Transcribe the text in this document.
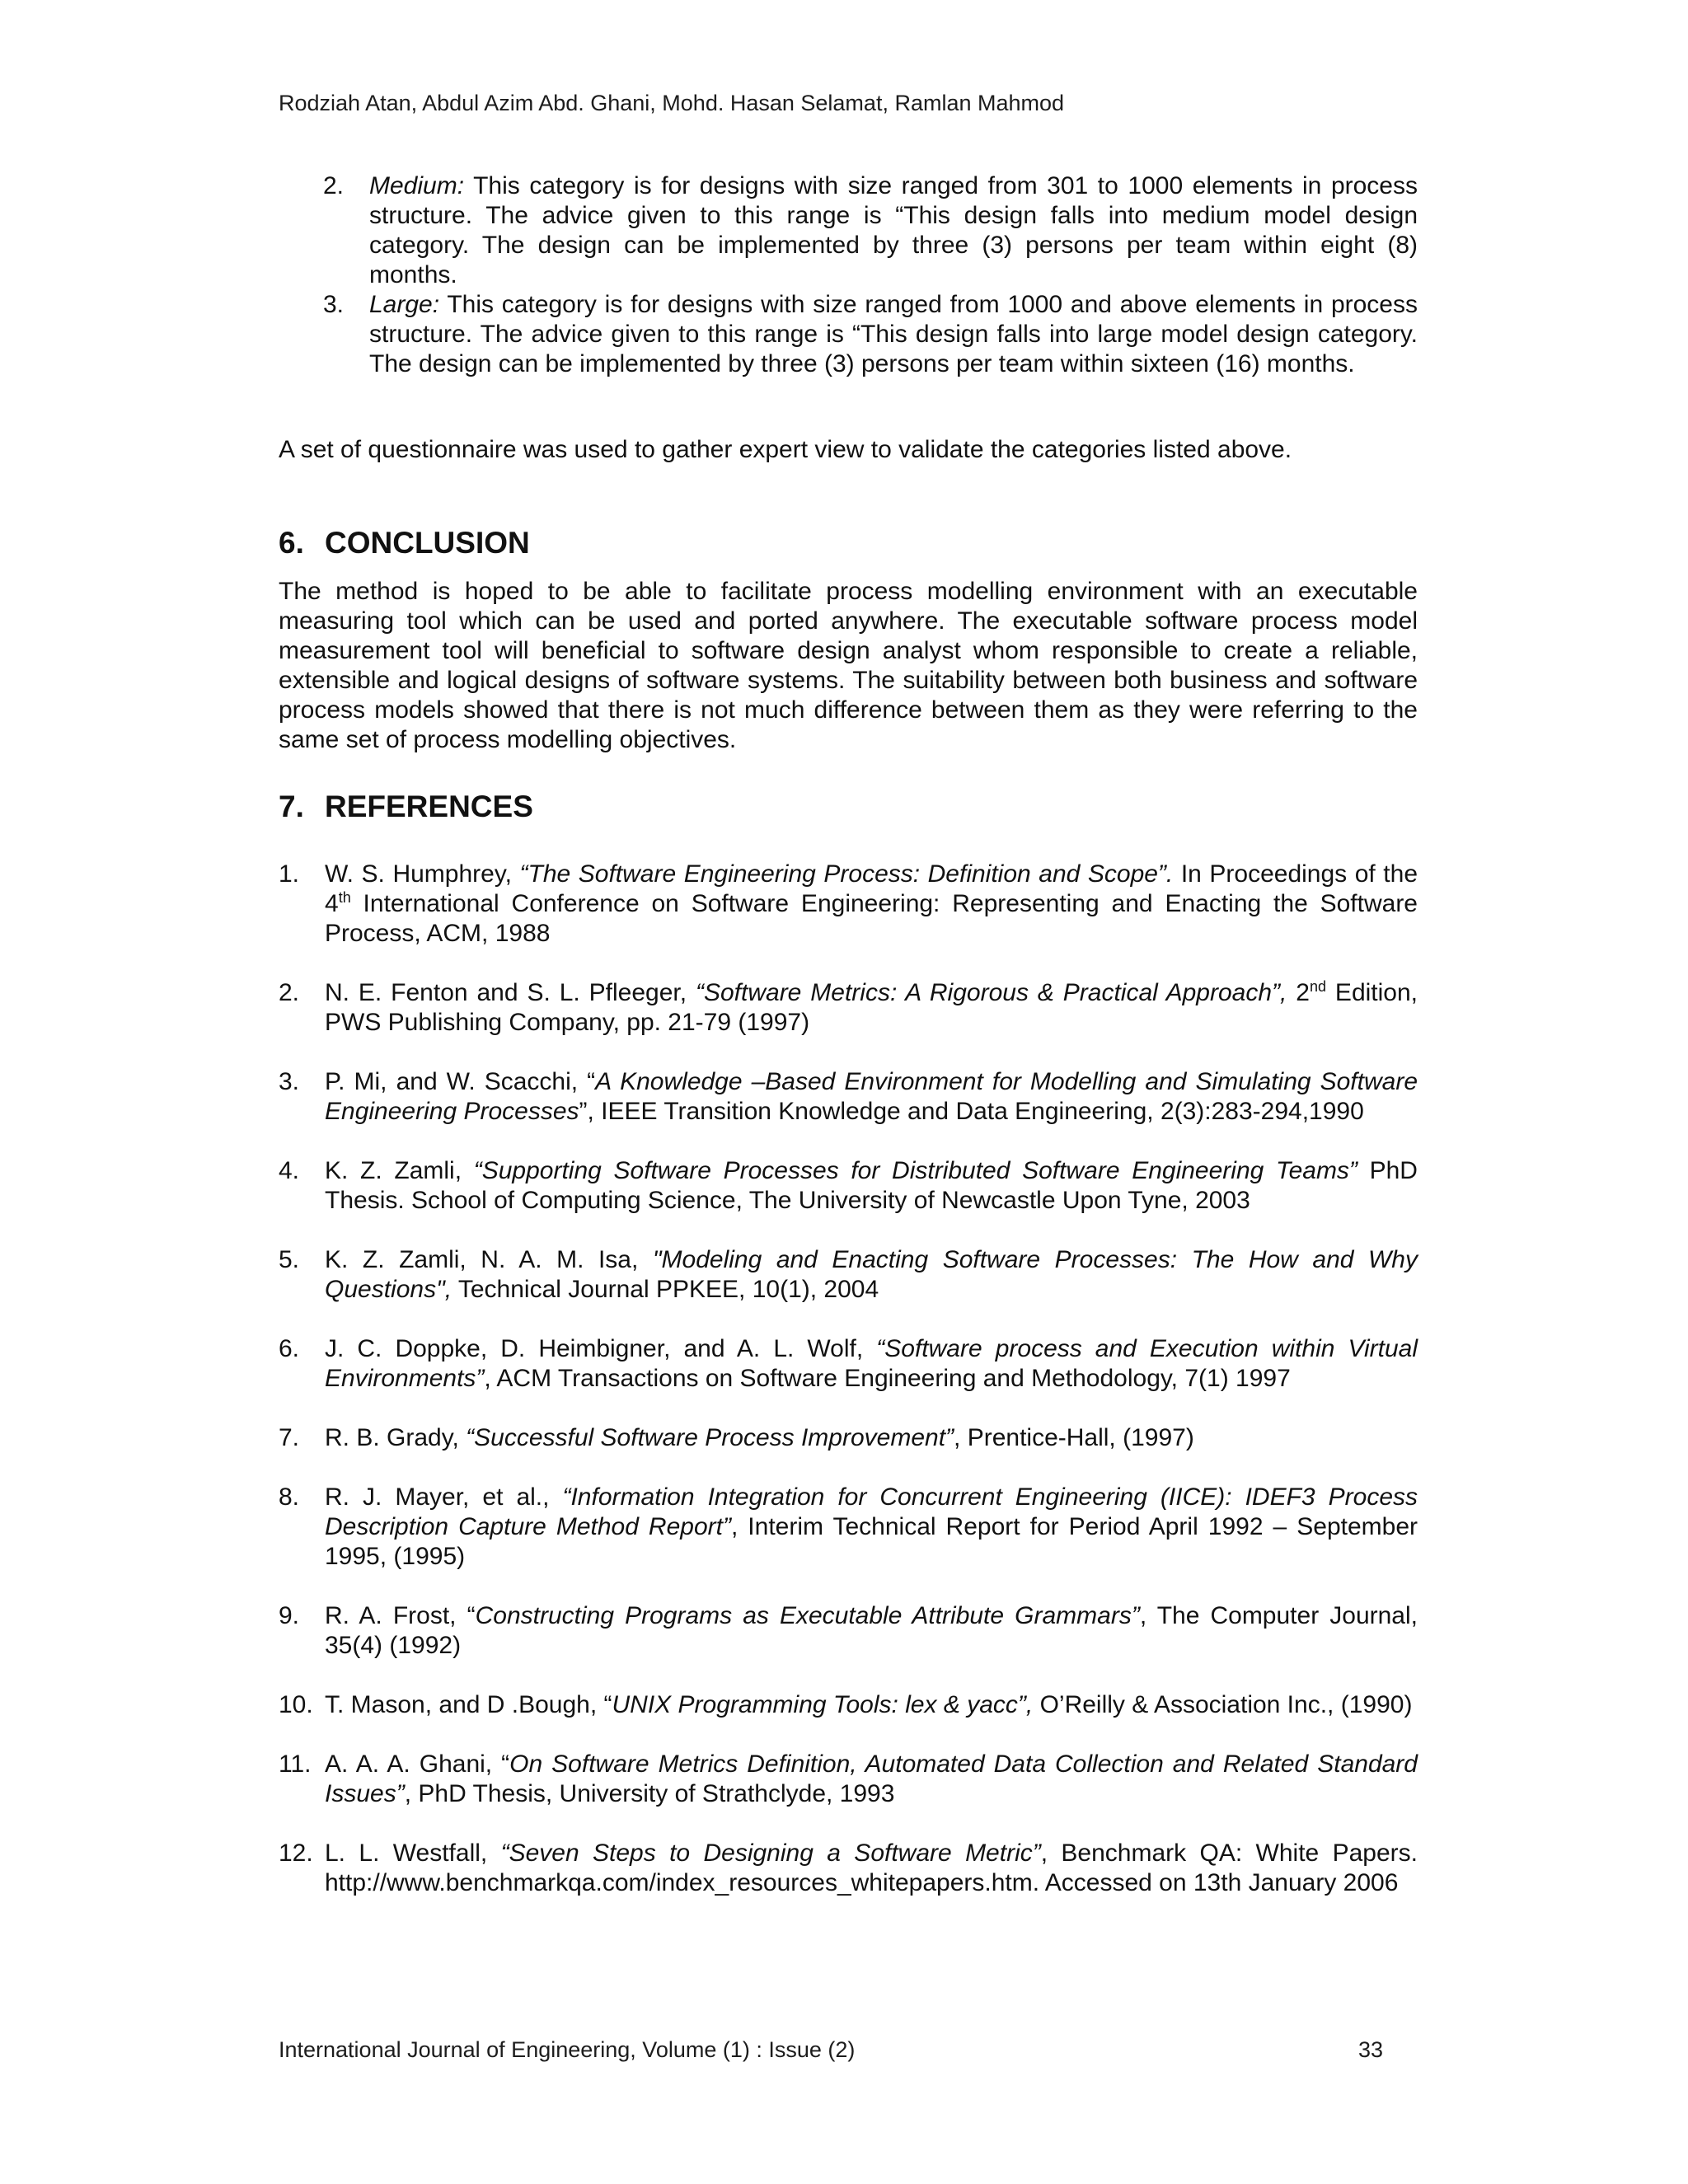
Rodziah Atan, Abdul Azim Abd. Ghani, Mohd. Hasan Selamat, Ramlan Mahmod
2. Medium: This category is for designs with size ranged from 301 to 1000 elements in process structure. The advice given to this range is “This design falls into medium model design category. The design can be implemented by three (3) persons per team within eight (8) months.
3. Large: This category is for designs with size ranged from 1000 and above elements in process structure. The advice given to this range is “This design falls into large model design category. The design can be implemented by three (3) persons per team within sixteen (16) months.

A set of questionnaire was used to gather expert view to validate the categories listed above.

6. CONCLUSION

The method is hoped to be able to facilitate process modelling environment with an executable measuring tool which can be used and ported anywhere. The executable software process model measurement tool will beneficial to software design analyst whom responsible to create a reliable, extensible and logical designs of software systems. The suitability between both business and software process models showed that there is not much difference between them as they were referring to the same set of process modelling objectives.

7. REFERENCES
1. W. S. Humphrey, “The Software Engineering Process: Definition and Scope”. In Proceedings of the 4th International Conference on Software Engineering: Representing and Enacting the Software Process, ACM, 1988
2. N. E. Fenton and S. L. Pfleeger, “Software Metrics: A Rigorous & Practical Approach”, 2nd Edition, PWS Publishing Company, pp. 21-79 (1997)
3. P. Mi, and W. Scacchi, “A Knowledge –Based Environment for Modelling and Simulating Software Engineering Processes”, IEEE Transition Knowledge and Data Engineering, 2(3):283-294,1990
4. K. Z. Zamli, “Supporting Software Processes for Distributed Software Engineering Teams” PhD Thesis. School of Computing Science, The University of Newcastle Upon Tyne, 2003
5. K. Z. Zamli, N. A. M. Isa, "Modeling and Enacting Software Processes: The How and Why Questions", Technical Journal PPKEE, 10(1), 2004
6. J. C. Doppke, D. Heimbigner, and A. L. Wolf, “Software process and Execution within Virtual Environments”, ACM Transactions on Software Engineering and Methodology, 7(1) 1997
7. R. B. Grady, “Successful Software Process Improvement”, Prentice-Hall, (1997)
8. R. J. Mayer, et al., “Information Integration for Concurrent Engineering (IICE): IDEF3 Process Description Capture Method Report”, Interim Technical Report for Period April 1992 – September 1995, (1995)
9. R. A. Frost, “Constructing Programs as Executable Attribute Grammars”, The Computer Journal, 35(4) (1992)
10. T. Mason, and D .Bough, “UNIX Programming Tools: lex & yacc”, O’Reilly & Association Inc., (1990)
11. A. A. A. Ghani, “On Software Metrics Definition, Automated Data Collection and Related Standard Issues”, PhD Thesis, University of Strathclyde, 1993
12. L. L. Westfall, “Seven Steps to Designing a Software Metric”, Benchmark QA: White Papers. http://www.benchmarkqa.com/index_resources_whitepapers.htm. Accessed on 13th January 2006
International Journal of Engineering, Volume (1) : Issue (2)	33
